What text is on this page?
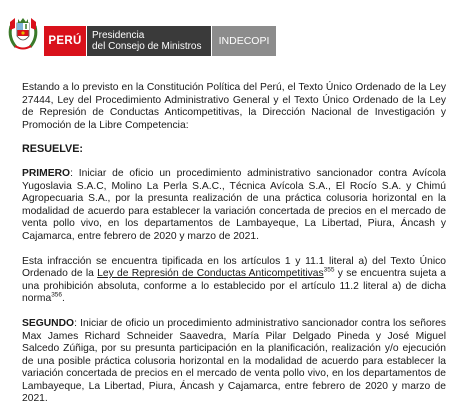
PERÚ	Presidencia
del Consejo de Ministros	INDECOPI

Estando a lo previsto en la Constitución Política del Perú, el Texto Único Ordenado de la Ley 27444, Ley del Procedimiento Administrativo General y el Texto Único Ordenado de la Ley de Represión de Conductas Anticompetitivas, la Dirección Nacional de Investigación y Promoción de la Libre Competencia:

RESUELVE:

PRIMERO: Iniciar de oficio un procedimiento administrativo sancionador contra Avícola Yugoslavia S.A.C, Molino La Perla S.A.C., Técnica Avícola S.A., El Rocío S.A. y Chimú Agropecuaria S.A., por la presunta realización de una práctica colusoria horizontal en la modalidad de acuerdo para establecer la variación concertada de precios en el mercado de venta pollo vivo, en los departamentos de Lambayeque, La Libertad, Piura, Áncash y Cajamarca, entre febrero de 2020 y marzo de 2021.

Esta infracción se encuentra tipificada en los artículos 1 y 11.1 literal a) del Texto Único Ordenado de la Ley de Represión de Conductas Anticompetitivas$^{355}$ y se encuentra sujeta a una prohibición absoluta, conforme a lo establecido por el artículo 11.2 literal a) de dicha norma$^{356}$.

SEGUNDO: Iniciar de oficio un procedimiento administrativo sancionador contra los señores Max James Richard Schneider Saavedra, María Pilar Delgado Pineda y José Miguel Salcedo Zúñiga, por su presunta participación en la planificación, realización y/o ejecución de una posible práctica colusoria horizontal en la modalidad de acuerdo para establecer la variación concertada de precios en el mercado de venta pollo vivo, en los departamentos de Lambayeque, La Libertad, Piura, Áncash y Cajamarca, entre febrero de 2020 y marzo de 2021.
